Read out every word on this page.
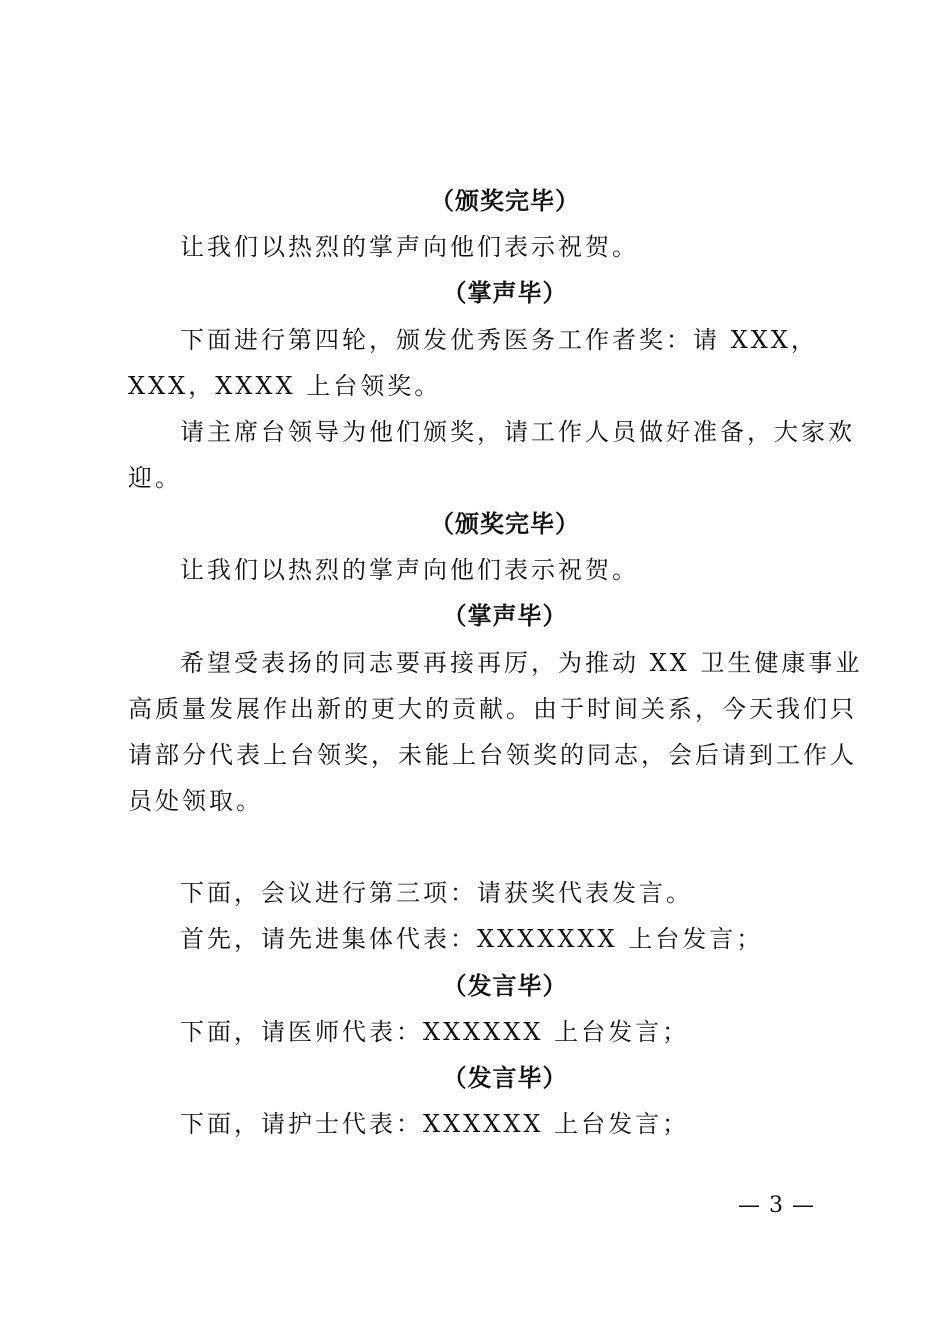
（颁奖完毕）
让我们以热烈的掌声向他们表示祝贺。
（掌声毕）
下面进行第四轮，颁发优秀医务工作者奖：请 XXX，
XXX，XXXX 上台领奖。
请主席台领导为他们颁奖，请工作人员做好准备，大家欢
迎。
（颁奖完毕）
让我们以热烈的掌声向他们表示祝贺。
（掌声毕）
希望受表扬的同志要再接再厉，为推动 XX 卫生健康事业
高质量发展作出新的更大的贡献。由于时间关系，今天我们只
请部分代表上台领奖，未能上台领奖的同志，会后请到工作人
员处领取。
下面，会议进行第三项：请获奖代表发言。
首先，请先进集体代表：XXXXXXX 上台发言；
（发言毕）
下面，请医师代表：XXXXXX 上台发言；
（发言毕）
下面，请护士代表：XXXXXX 上台发言；
— 3 —
